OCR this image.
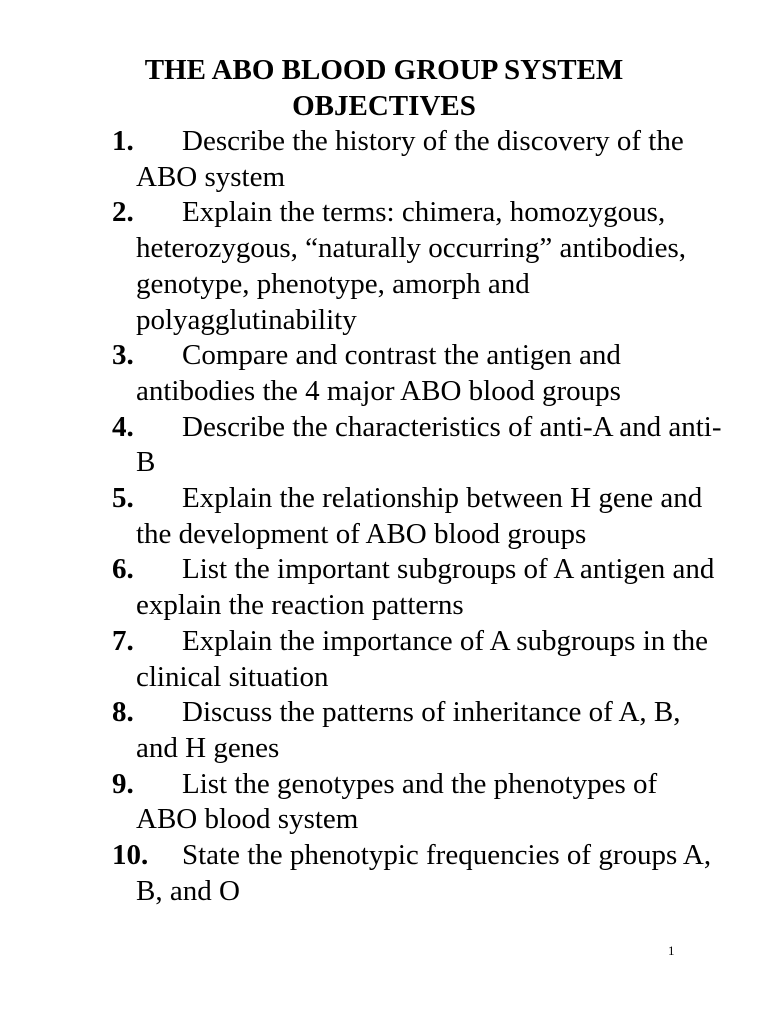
THE ABO BLOOD GROUP SYSTEM
OBJECTIVES
1. Describe the history of the discovery of the ABO system
2. Explain the terms: chimera, homozygous, heterozygous, “naturally occurring” antibodies, genotype, phenotype, amorph and polyagglutinability
3. Compare and contrast the antigen and antibodies the 4 major ABO blood groups
4. Describe the characteristics of anti-A and anti-B
5. Explain the relationship between H gene and the development of ABO blood groups
6. List the important subgroups of A antigen and explain the reaction patterns
7. Explain the importance of A subgroups in the clinical situation
8. Discuss the patterns of inheritance of A, B, and H genes
9. List the genotypes and the phenotypes of ABO blood system
10. State the phenotypic frequencies of groups A, B, and O
1
